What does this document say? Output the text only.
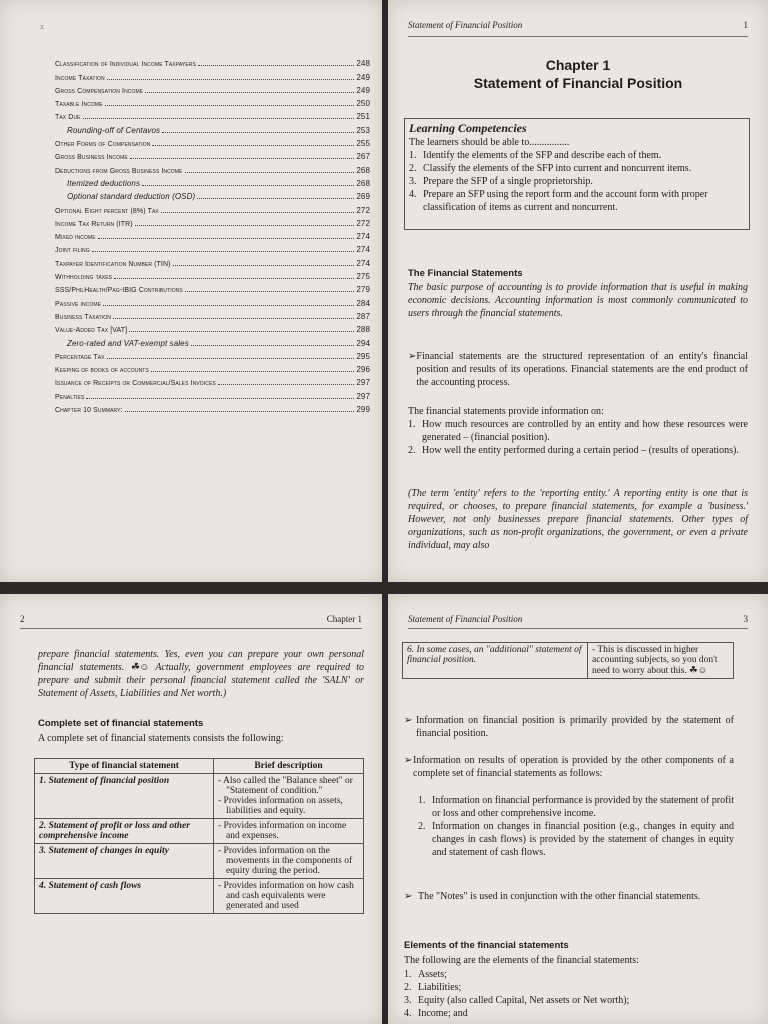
x
Classification of Individual Income Taxpayers	248
Income Taxation	249
Gross Compensation Income	249
Taxable Income	250
Tax Due	251
Rounding-off of Centavos	253
Other Forms of Compensation	255
Gross Business Income	267
Deductions from Gross Business Income	268
Itemized deductions	268
Optional standard deduction (OSD)	269
Optional Eight percent (8%) Tax	272
Income Tax Return (ITR)	272
Mixed income	274
Joint filing	274
Taxpayer Identification Number (TIN)	274
Withholding taxes	275
SSS/PhilHealth/Pag-IBIG Contributions	279
Passive income	284
Business Taxation	287
Value-Added Tax [VAT]	288
Zero-rated and VAT-exempt sales	294
Percentage Tax	295
Keeping of books of accounts	296
Issuance of Receipts or Commercial/Sales Invoices	297
Penalties	297
Chapter 10 Summary:	299
Statement of Financial Position	1
Chapter 1
Statement of Financial Position
Learning Competencies
The learners should be able to................
1. Identify the elements of the SFP and describe each of them.
2. Classify the elements of the SFP into current and noncurrent items.
3. Prepare the SFP of a single proprietorship.
4. Prepare an SFP using the report form and the account form with proper classification of items as current and noncurrent.
The Financial Statements
The basic purpose of accounting is to provide information that is useful in making economic decisions. Accounting information is most commonly communicated to users through the financial statements.
➢ Financial statements are the structured representation of an entity's financial position and results of its operations. Financial statements are the end product of the accounting process.
The financial statements provide information on:
1. How much resources are controlled by an entity and how these resources were generated – (financial position).
2. How well the entity performed during a certain period – (results of operations).
(The term 'entity' refers to the 'reporting entity.' A reporting entity is one that is required, or chooses, to prepare financial statements, for example a 'business.' However, not only businesses prepare financial statements. Other types of organizations, such as non-profit organizations, the government, or even a private individual, may also
2	Chapter 1
prepare financial statements. Yes, even you can prepare your own personal financial statements. ☘☺ Actually, government employees are required to prepare and submit their personal financial statement called the 'SALN' or Statement of Assets, Liabilities and Net worth.)
Complete set of financial statements
A complete set of financial statements consists the following:
Type of financial statement	Brief description
1. Statement of financial position	- Also called the "Balance sheet" or "Statement of condition."
- Provides information on assets, liabilities and equity.

2. Statement of profit or loss and other comprehensive income	- Provides information on income and expenses.

3. Statement of changes in equity	- Provides information on the movements in the components of equity during the period.

4. Statement of cash flows	- Provides information on how cash and cash equivalents were generated and used
Statement of Financial Position	3
6. In some cases, an "additional" statement of financial position.	- This is discussed in higher accounting subjects, so you don't need to worry about this. ☘☺
➢ Information on financial position is primarily provided by the statement of financial position.
➢ Information on results of operation is provided by the other components of a complete set of financial statements as follows:
1. Information on financial performance is provided by the statement of profit or loss and other comprehensive income.
2. Information on changes in financial position (e.g., changes in equity and changes in cash flows) is provided by the statement of changes in equity and statement of cash flows.
➢ The "Notes" is used in conjunction with the other financial statements.
Elements of the financial statements
The following are the elements of the financial statements:
1. Assets;
2. Liabilities;
3. Equity (also called Capital, Net assets or Net worth);
4. Income; and
